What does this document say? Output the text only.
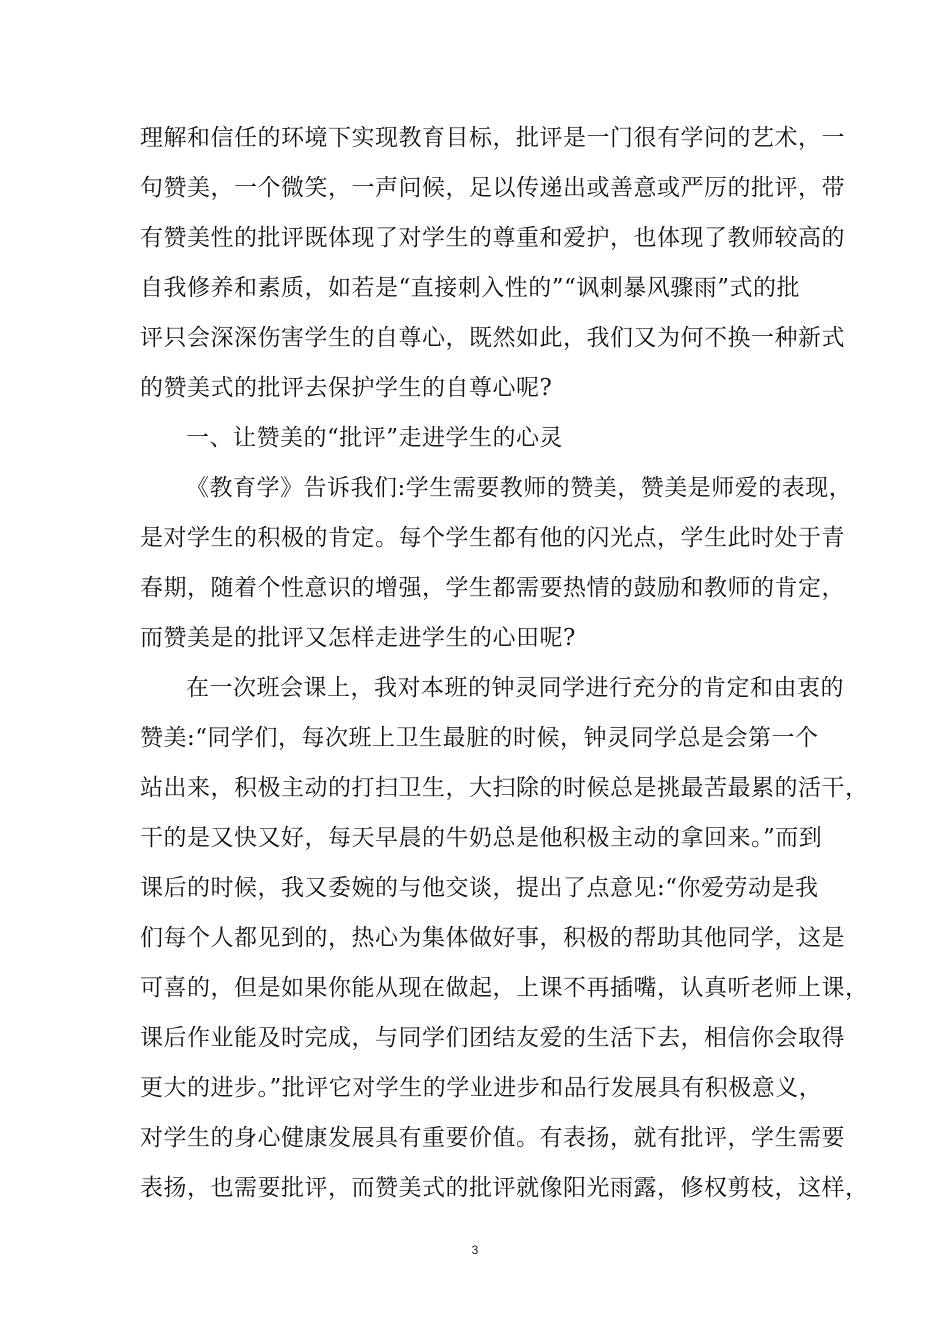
理解和信任的环境下实现教育目标，批评是一门很有学问的艺术，一
句赞美，一个微笑，一声问候，足以传递出或善意或严厉的批评，带
有赞美性的批评既体现了对学生的尊重和爱护，也体现了教师较高的
自我修养和素质，如若是“直接刺入性的”“讽刺暴风骤雨”式的批
评只会深深伤害学生的自尊心，既然如此，我们又为何不换一种新式
的赞美式的批评去保护学生的自尊心呢?
一、让赞美的“批评”走进学生的心灵
《教育学》告诉我们:学生需要教师的赞美，赞美是师爱的表现，
是对学生的积极的肯定。每个学生都有他的闪光点，学生此时处于青
春期，随着个性意识的增强，学生都需要热情的鼓励和教师的肯定，
而赞美是的批评又怎样走进学生的心田呢?
在一次班会课上，我对本班的钟灵同学进行充分的肯定和由衷的
赞美:“同学们，每次班上卫生最脏的时候，钟灵同学总是会第一个
站出来，积极主动的打扫卫生，大扫除的时候总是挑最苦最累的活干，
干的是又快又好，每天早晨的牛奶总是他积极主动的拿回来。”而到
课后的时候，我又委婉的与他交谈，提出了点意见:“你爱劳动是我
们每个人都见到的，热心为集体做好事，积极的帮助其他同学，这是
可喜的，但是如果你能从现在做起，上课不再插嘴，认真听老师上课，
课后作业能及时完成，与同学们团结友爱的生活下去，相信你会取得
更大的进步。”批评它对学生的学业进步和品行发展具有积极意义，
对学生的身心健康发展具有重要价值。有表扬，就有批评，学生需要
表扬，也需要批评，而赞美式的批评就像阳光雨露，修权剪枝，这样，
3
